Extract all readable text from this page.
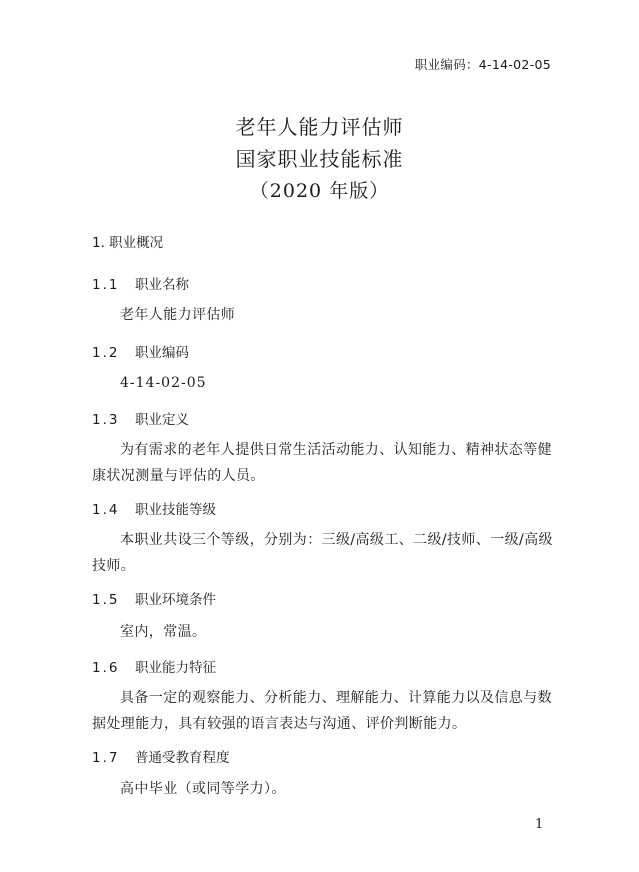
职业编码：4-14-02-05
老年人能力评估师
国家职业技能标准
（2020 年版）
1. 职业概况
1.1 职业名称
老年人能力评估师
1.2 职业编码
4-14-02-05
1.3 职业定义
为有需求的老年人提供日常生活活动能力、认知能力、精神状态等健康状况测量与评估的人员。
1.4 职业技能等级
本职业共设三个等级，分别为：三级/高级工、二级/技师、一级/高级技师。
1.5 职业环境条件
室内，常温。
1.6 职业能力特征
具备一定的观察能力、分析能力、理解能力、计算能力以及信息与数据处理能力，具有较强的语言表达与沟通、评价判断能力。
1.7 普通受教育程度
高中毕业（或同等学力）。
1
